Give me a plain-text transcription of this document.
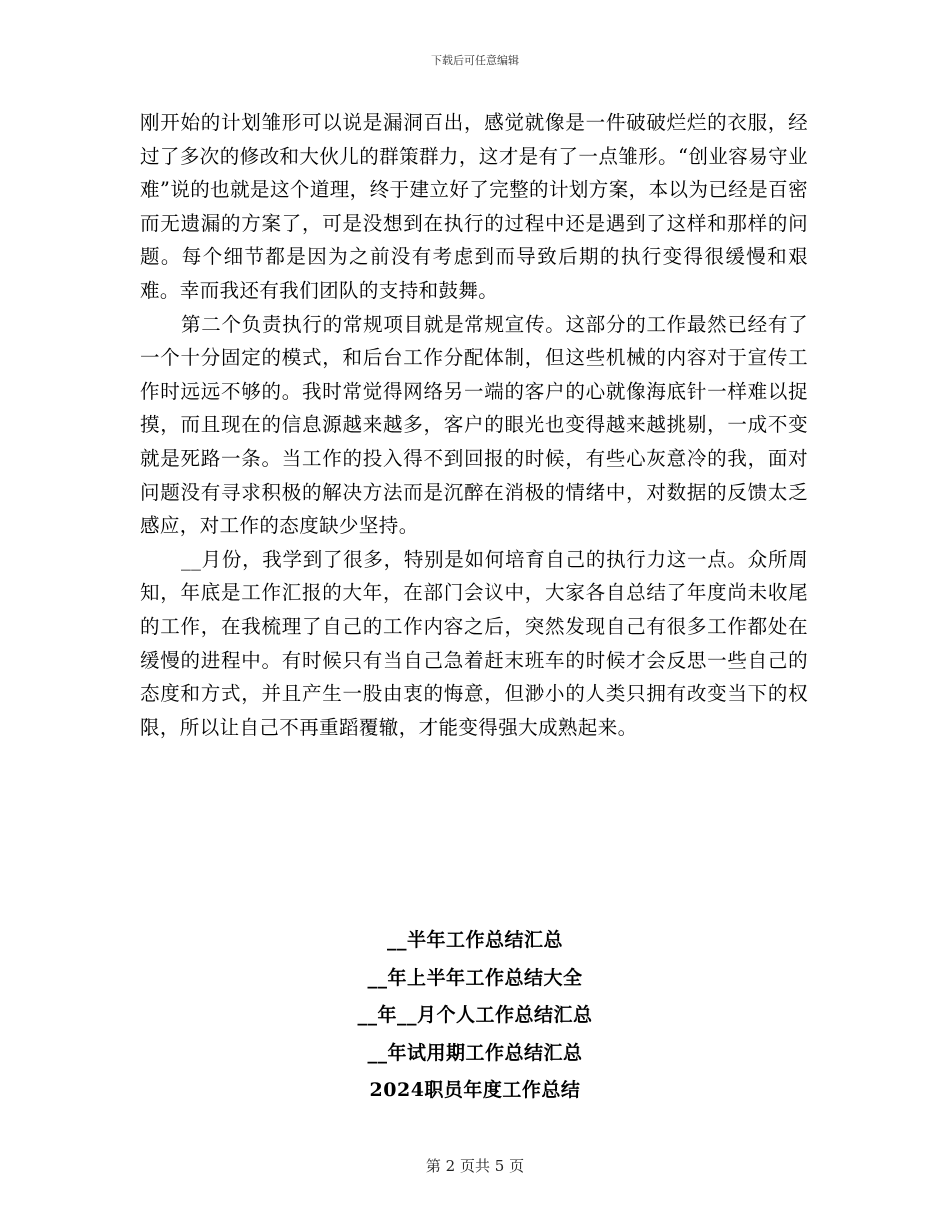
下载后可任意编辑

刚开始的计划雏形可以说是漏洞百出，感觉就像是一件破破烂烂的衣服，经过了多次的修改和大伙儿的群策群力，这才是有了一点雏形。“创业容易守业难”说的也就是这个道理，终于建立好了完整的计划方案，本以为已经是百密而无遗漏的方案了，可是没想到在执行的过程中还是遇到了这样和那样的问题。每个细节都是因为之前没有考虑到而导致后期的执行变得很缓慢和艰难。幸而我还有我们团队的支持和鼓舞。

第二个负责执行的常规项目就是常规宣传。这部分的工作最然已经有了一个十分固定的模式，和后台工作分配体制，但这些机械的内容对于宣传工作时远远不够的。我时常觉得网络另一端的客户的心就像海底针一样难以捉摸，而且现在的信息源越来越多，客户的眼光也变得越来越挑剔，一成不变就是死路一条。当工作的投入得不到回报的时候，有些心灰意冷的我，面对问题没有寻求积极的解决方法而是沉醉在消极的情绪中，对数据的反馈太乏感应，对工作的态度缺少坚持。

__月份，我学到了很多，特别是如何培育自己的执行力这一点。众所周知，年底是工作汇报的大年，在部门会议中，大家各自总结了年度尚未收尾的工作，在我梳理了自己的工作内容之后，突然发现自己有很多工作都处在缓慢的进程中。有时候只有当自己急着赶末班车的时候才会反思一些自己的态度和方式，并且产生一股由衷的悔意，但渺小的人类只拥有改变当下的权限，所以让自己不再重蹈覆辙，才能变得强大成熟起来。

__半年工作总结汇总
__年上半年工作总结大全
__年__月个人工作总结汇总
__年试用期工作总结汇总
2024职员年度工作总结
第 2 页共 5 页
